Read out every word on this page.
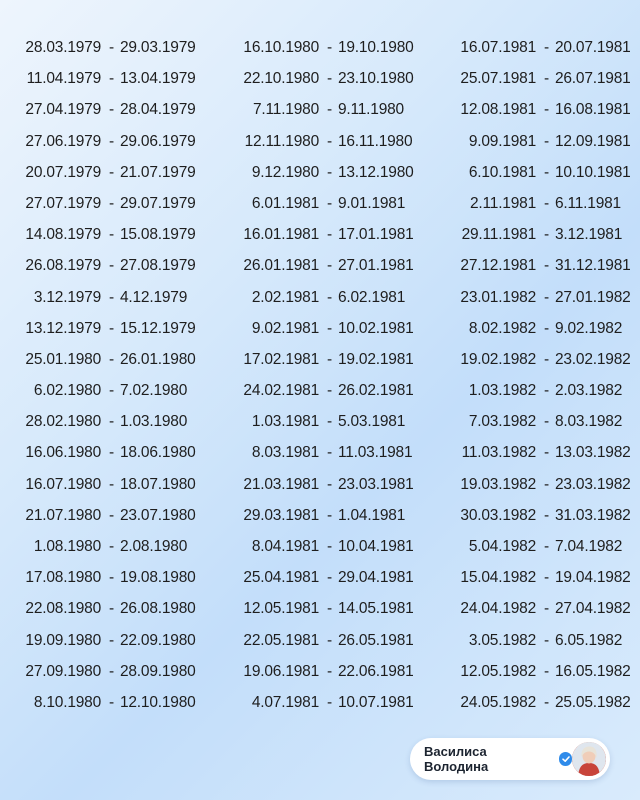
28.03.1979 - 29.03.1979	16.10.1980 - 19.10.1980	16.07.1981 - 20.07.1981
11.04.1979 - 13.04.1979	22.10.1980 - 23.10.1980	25.07.1981 - 26.07.1981
27.04.1979 - 28.04.1979	7.11.1980 - 9.11.1980	12.08.1981 - 16.08.1981
27.06.1979 - 29.06.1979	12.11.1980 - 16.11.1980	9.09.1981 - 12.09.1981
20.07.1979 - 21.07.1979	9.12.1980 - 13.12.1980	6.10.1981 - 10.10.1981
27.07.1979 - 29.07.1979	6.01.1981 - 9.01.1981	2.11.1981 - 6.11.1981
14.08.1979 - 15.08.1979	16.01.1981 - 17.01.1981	29.11.1981 - 3.12.1981
26.08.1979 - 27.08.1979	26.01.1981 - 27.01.1981	27.12.1981 - 31.12.1981
3.12.1979 - 4.12.1979	2.02.1981 - 6.02.1981	23.01.1982 - 27.01.1982
13.12.1979 - 15.12.1979	9.02.1981 - 10.02.1981	8.02.1982 - 9.02.1982
25.01.1980 - 26.01.1980	17.02.1981 - 19.02.1981	19.02.1982 - 23.02.1982
6.02.1980 - 7.02.1980	24.02.1981 - 26.02.1981	1.03.1982 - 2.03.1982
28.02.1980 - 1.03.1980	1.03.1981 - 5.03.1981	7.03.1982 - 8.03.1982
16.06.1980 - 18.06.1980	8.03.1981 - 11.03.1981	11.03.1982 - 13.03.1982
16.07.1980 - 18.07.1980	21.03.1981 - 23.03.1981	19.03.1982 - 23.03.1982
21.07.1980 - 23.07.1980	29.03.1981 - 1.04.1981	30.03.1982 - 31.03.1982
1.08.1980 - 2.08.1980	8.04.1981 - 10.04.1981	5.04.1982 - 7.04.1982
17.08.1980 - 19.08.1980	25.04.1981 - 29.04.1981	15.04.1982 - 19.04.1982
22.08.1980 - 26.08.1980	12.05.1981 - 14.05.1981	24.04.1982 - 27.04.1982
19.09.1980 - 22.09.1980	22.05.1981 - 26.05.1981	3.05.1982 - 6.05.1982
27.09.1980 - 28.09.1980	19.06.1981 - 22.06.1981	12.05.1982 - 16.05.1982
8.10.1980 - 12.10.1980	4.07.1981 - 10.07.1981	24.05.1982 - 25.05.1982
Василиса Володина
